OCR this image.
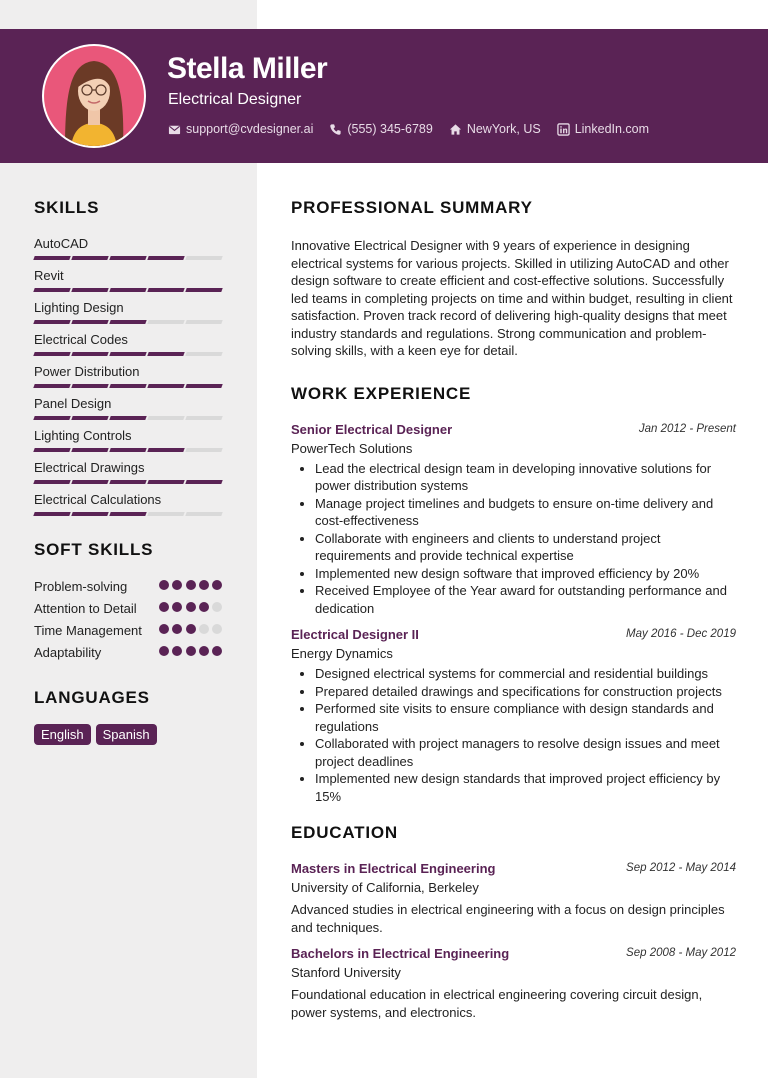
Stella Miller
Electrical Designer
support@cvdesigner.ai	(555) 345-6789	NewYork, US	LinkedIn.com
SKILLS
AutoCAD
Revit
Lighting Design
Electrical Codes
Power Distribution
Panel Design
Lighting Controls
Electrical Drawings
Electrical Calculations
SOFT SKILLS
Problem-solving
Attention to Detail
Time Management
Adaptability
LANGUAGES
English	Spanish
PROFESSIONAL SUMMARY
Innovative Electrical Designer with 9 years of experience in designing electrical systems for various projects. Skilled in utilizing AutoCAD and other design software to create efficient and cost-effective solutions. Successfully led teams in completing projects on time and within budget, resulting in client satisfaction. Proven track record of delivering high-quality designs that meet industry standards and regulations. Strong communication and problem-solving skills, with a keen eye for detail.
WORK EXPERIENCE
Senior Electrical Designer	Jan 2012 - Present
PowerTech Solutions
• Lead the electrical design team in developing innovative solutions for power distribution systems
• Manage project timelines and budgets to ensure on-time delivery and cost-effectiveness
• Collaborate with engineers and clients to understand project requirements and provide technical expertise
• Implemented new design software that improved efficiency by 20%
• Received Employee of the Year award for outstanding performance and dedication
Electrical Designer II	May 2016 - Dec 2019
Energy Dynamics
• Designed electrical systems for commercial and residential buildings
• Prepared detailed drawings and specifications for construction projects
• Performed site visits to ensure compliance with design standards and regulations
• Collaborated with project managers to resolve design issues and meet project deadlines
• Implemented new design standards that improved project efficiency by 15%
EDUCATION
Masters in Electrical Engineering	Sep 2012 - May 2014
University of California, Berkeley
Advanced studies in electrical engineering with a focus on design principles and techniques.
Bachelors in Electrical Engineering	Sep 2008 - May 2012
Stanford University
Foundational education in electrical engineering covering circuit design, power systems, and electronics.
